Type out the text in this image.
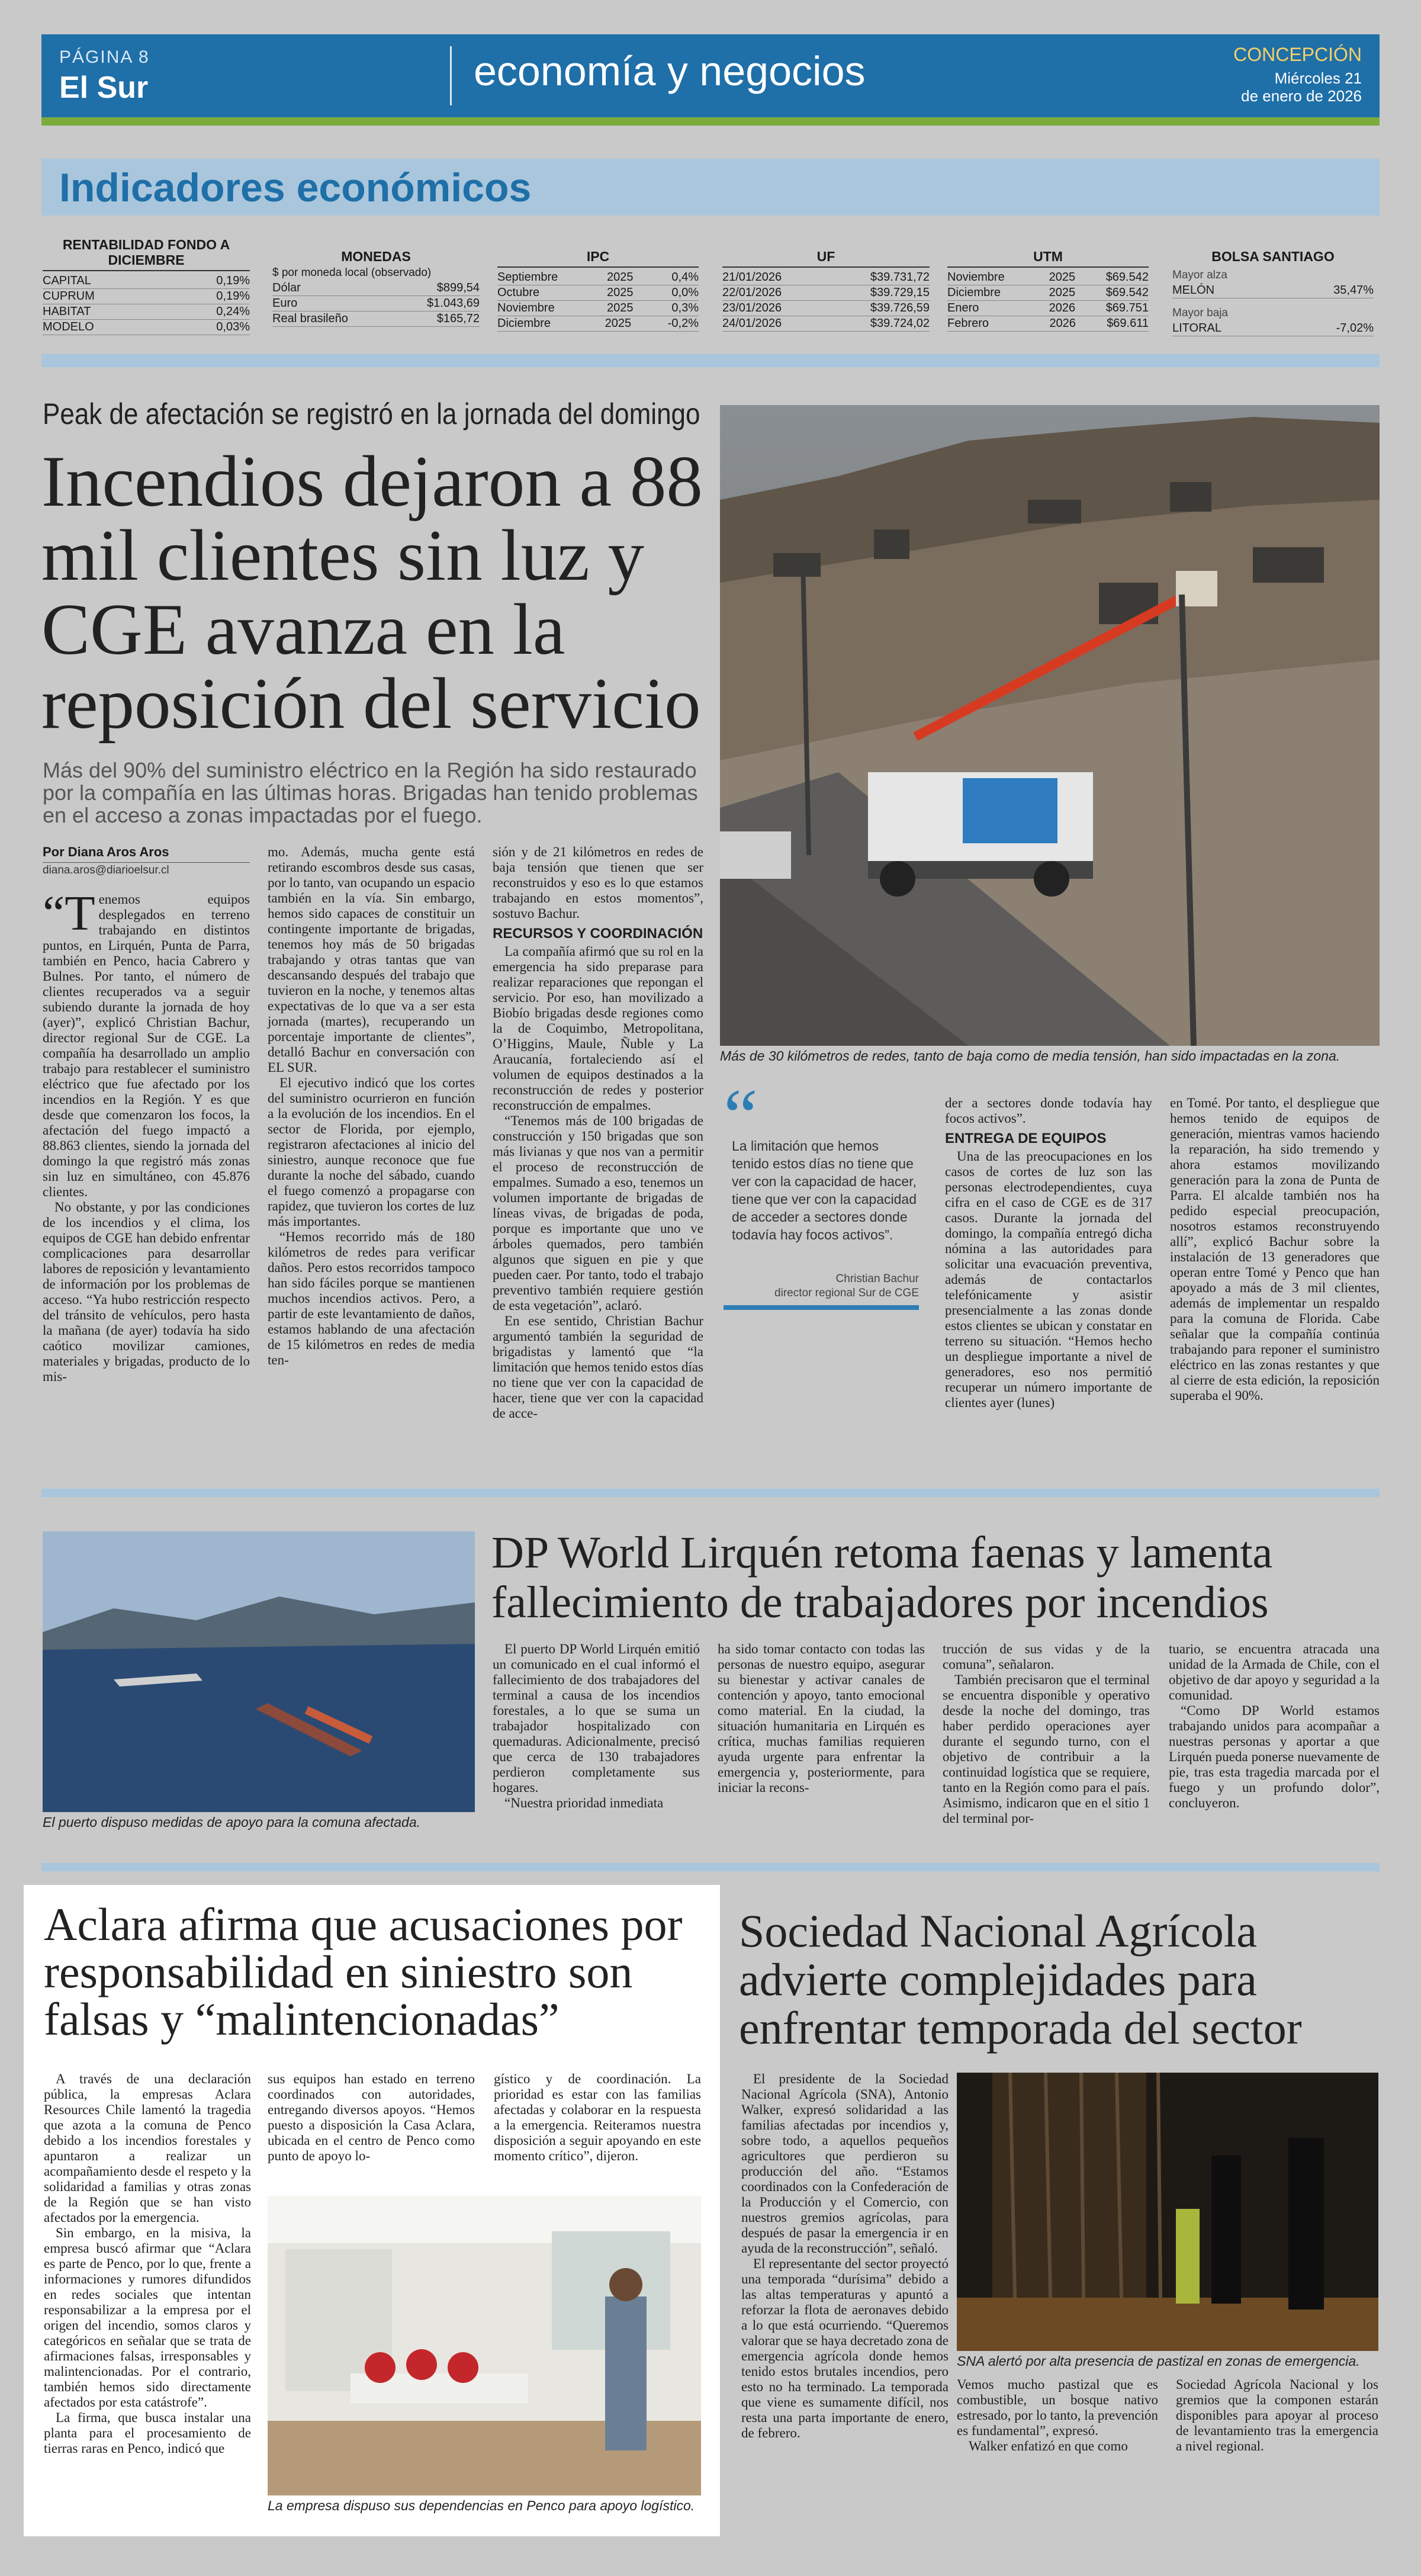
PÁGINA 8
El Sur	economía y negocios	CONCEPCIÓN
Miércoles 21
de enero de 2026
Indicadores económicos
RENTABILIDAD FONDO A DICIEMBRE
CAPITAL	0,19%
CUPRUM	0,19%
HABITAT	0,24%
MODELO	0,03%
MONEDAS
$ por moneda local (observado)
Dólar	$899,54
Euro	$1.043,69
Real brasileño	$165,72
IPC
Septiembre	2025	0,4%
Octubre	2025	0,0%
Noviembre	2025	0,3%
Diciembre	2025	-0,2%
UF
21/01/2026	$39.731,72
22/01/2026	$39.729,15
23/01/2026	$39.726,59
24/01/2026	$39.724,02
UTM
Noviembre	2025	$69.542
Diciembre	2025	$69.542
Enero	2026	$69.751
Febrero	2026	$69.611
BOLSA SANTIAGO
Mayor alza
MELÓN	35,47%
Mayor baja
LITORAL	-7,02%
Peak de afectación se registró en la jornada del domingo
Incendios dejaron a 88 mil clientes sin luz y CGE avanza en la reposición del servicio
Más del 90% del suministro eléctrico en la Región ha sido restaurado por la compañía en las últimas horas. Brigadas han tenido problemas en el acceso a zonas impactadas por el fuego.
Por Diana Aros Aros
diana.aros@diarioelsur.cl
“T enemos equipos desplegados en terreno trabajando en distintos puntos, en Lirquén, Punta de Parra, también en Penco, hacia Cabrero y Bulnes. Por tanto, el número de clientes recuperados va a seguir subiendo durante la jornada de hoy (ayer)”, explicó Christian Bachur, director regional Sur de CGE. La compañía ha desarrollado un amplio trabajo para restablecer el suministro eléctrico que fue afectado por los incendios en la Región. Y es que desde que comenzaron los focos, la afectación del fuego impactó a 88.863 clientes, siendo la jornada del domingo la que registró más zonas sin luz en simultáneo, con 45.876 clientes.

No obstante, y por las condiciones de los incendios y el clima, los equipos de CGE han debido enfrentar complicaciones para desarrollar labores de reposición y levantamiento de información por los problemas de acceso. “Ya hubo restricción respecto del tránsito de vehículos, pero hasta la mañana (de ayer) todavía ha sido caótico movilizar camiones, materiales y brigadas, producto de lo mis-

mo. Además, mucha gente está retirando escombros desde sus casas, por lo tanto, van ocupando un espacio también en la vía. Sin embargo, hemos sido capaces de constituir un contingente importante de brigadas, tenemos hoy más de 50 brigadas trabajando y otras tantas que van descansando después del trabajo que tuvieron en la noche, y tenemos altas expectativas de lo que va a ser esta jornada (martes), recuperando un porcentaje importante de clientes”, detalló Bachur en conversación con EL SUR.

El ejecutivo indicó que los cortes del suministro ocurrieron en función a la evolución de los incendios. En el sector de Florida, por ejemplo, registraron afectaciones al inicio del siniestro, aunque reconoce que fue durante la noche del sábado, cuando el fuego comenzó a propagarse con rapidez, que tuvieron los cortes de luz más importantes.

“Hemos recorrido más de 180 kilómetros de redes para verificar daños. Pero estos recorridos tampoco han sido fáciles porque se mantienen muchos incendios activos. Pero, a partir de este levantamiento de daños, estamos hablando de una afectación de 15 kilómetros en redes de media ten-

sión y de 21 kilómetros en redes de baja tensión que tienen que ser reconstruidos y eso es lo que estamos trabajando en estos momentos”, sostuvo Bachur.

RECURSOS Y COORDINACIÓN

La compañía afirmó que su rol en la emergencia ha sido preparase para realizar reparaciones que repongan el servicio. Por eso, han movilizado a Biobío brigadas desde regiones como la de Coquimbo, Metropolitana, O’Higgins, Maule, Ñuble y La Araucanía, fortaleciendo así el volumen de equipos destinados a la reconstrucción de redes y posterior reconstrucción de empalmes.

“Tenemos más de 100 brigadas de construcción y 150 brigadas que son más livianas y que nos van a permitir el proceso de reconstrucción de empalmes. Sumado a eso, tenemos un volumen importante de brigadas de líneas vivas, de brigadas de poda, porque es importante que uno ve árboles quemados, pero también algunos que siguen en pie y que pueden caer. Por tanto, todo el trabajo preventivo también requiere gestión de esta vegetación”, aclaró.

En ese sentido, Christian Bachur argumentó también la seguridad de brigadistas y lamentó que “la limitación que hemos tenido estos días no tiene que ver con la capacidad de hacer, tiene que ver con la capacidad de acce-

Más de 30 kilómetros de redes, tanto de baja como de media tensión, han sido impactadas en la zona.
“
La limitación que hemos tenido estos días no tiene que ver con la capacidad de hacer, tiene que ver con la capacidad de acceder a sectores donde todavía hay focos activos”.
Christian Bachur
director regional Sur de CGE

der a sectores donde todavía hay focos activos”.

ENTREGA DE EQUIPOS

Una de las preocupaciones en los casos de cortes de luz son las personas electrodependientes, cuya cifra en el caso de CGE es de 317 casos. Durante la jornada del domingo, la compañía entregó dicha nómina a las autoridades para solicitar una evacuación preventiva, además de contactarlos telefónicamente y asistir presencialmente a las zonas donde estos clientes se ubican y constatar en terreno su situación. “Hemos hecho un despliegue importante a nivel de generadores, eso nos permitió recuperar un número importante de clientes ayer (lunes)

en Tomé. Por tanto, el despliegue que hemos tenido de equipos de generación, mientras vamos haciendo la reparación, ha sido tremendo y ahora estamos movilizando generación para la zona de Punta de Parra. El alcalde también nos ha pedido especial preocupación, nosotros estamos reconstruyendo allí”, explicó Bachur sobre la instalación de 13 generadores que operan entre Tomé y Penco que han apoyado a más de 3 mil clientes, además de implementar un respaldo para la comuna de Florida. Cabe señalar que la compañía continúa trabajando para reponer el suministro eléctrico en las zonas restantes y que al cierre de esta edición, la reposición superaba el 90%.

El puerto dispuso medidas de apoyo para la comuna afectada.
DP World Lirquén retoma faenas y lamenta fallecimiento de trabajadores por incendios

El puerto DP World Lirquén emitió un comunicado en el cual informó el fallecimiento de dos trabajadores del terminal a causa de los incendios forestales, a lo que se suma un trabajador hospitalizado con quemaduras. Adicionalmente, precisó que cerca de 130 trabajadores perdieron completamente sus hogares.

“Nuestra prioridad inmediata

ha sido tomar contacto con todas las personas de nuestro equipo, asegurar su bienestar y activar canales de contención y apoyo, tanto emocional como material. En la ciudad, la situación humanitaria en Lirquén es crítica, muchas familias requieren ayuda urgente para enfrentar la emergencia y, posteriormente, para iniciar la recons-

trucción de sus vidas y de la comuna”, señalaron.

También precisaron que el terminal se encuentra disponible y operativo desde la noche del domingo, tras haber perdido operaciones ayer durante el segundo turno, con el objetivo de contribuir a la continuidad logística que se requiere, tanto en la Región como para el país. Asimismo, indicaron que en el sitio 1 del terminal por-

tuario, se encuentra atracada una unidad de la Armada de Chile, con el objetivo de dar apoyo y seguridad a la comunidad.

“Como DP World estamos trabajando unidos para acompañar a nuestras personas y aportar a que Lirquén pueda ponerse nuevamente de pie, tras esta tragedia marcada por el fuego y un profundo dolor”, concluyeron.

Aclara afirma que acusaciones por responsabilidad en siniestro son falsas y “malintencionadas”

A través de una declaración pública, la empresas Aclara Resources Chile lamentó la tragedia que azota a la comuna de Penco debido a los incendios forestales y apuntaron a realizar un acompañamiento desde el respeto y la solidaridad a familias y otras zonas de la Región que se han visto afectados por la emergencia.

Sin embargo, en la misiva, la empresa buscó afirmar que “Aclara es parte de Penco, por lo que, frente a informaciones y rumores difundidos en redes sociales que intentan responsabilizar a la empresa por el origen del incendio, somos claros y categóricos en señalar que se trata de afirmaciones falsas, irresponsables y malintencionadas. Por el contrario, también hemos sido directamente afectados por esta catástrofe”.

La firma, que busca instalar una planta para el procesamiento de tierras raras en Penco, indicó que

sus equipos han estado en terreno coordinados con autoridades, entregando diversos apoyos. “Hemos puesto a disposición la Casa Aclara, ubicada en el centro de Penco como punto de apoyo lo-

gístico y de coordinación. La prioridad es estar con las familias afectadas y colaborar en la respuesta a la emergencia. Reiteramos nuestra disposición a seguir apoyando en este momento crítico”, dijeron.

La empresa dispuso sus dependencias en Penco para apoyo logístico.
Sociedad Nacional Agrícola advierte complejidades para enfrentar temporada del sector

El presidente de la Sociedad Nacional Agrícola (SNA), Antonio Walker, expresó solidaridad a las familias afectadas por incendios y, sobre todo, a aquellos pequeños agricultores que perdieron su producción del año. “Estamos coordinados con la Confederación de la Producción y el Comercio, con nuestros gremios agrícolas, para después de pasar la emergencia ir en ayuda de la reconstrucción”, señaló.

El representante del sector proyectó una temporada “durísima” debido a las altas temperaturas y apuntó a reforzar la flota de aeronaves debido a lo que está ocurriendo. “Queremos valorar que se haya decretado zona de emergencia agrícola donde hemos tenido estos brutales incendios, pero esto no ha terminado. La temporada que viene es sumamente difícil, nos resta una parta importante de enero, de febrero.

SNA alertó por alta presencia de pastizal en zonas de emergencia.

Vemos mucho pastizal que es combustible, un bosque nativo estresado, por lo tanto, la prevención es fundamental”, expresó.

Walker enfatizó en que como

Sociedad Agrícola Nacional y los gremios que la componen estarán disponibles para apoyar al proceso de levantamiento tras la emergencia a nivel regional.
